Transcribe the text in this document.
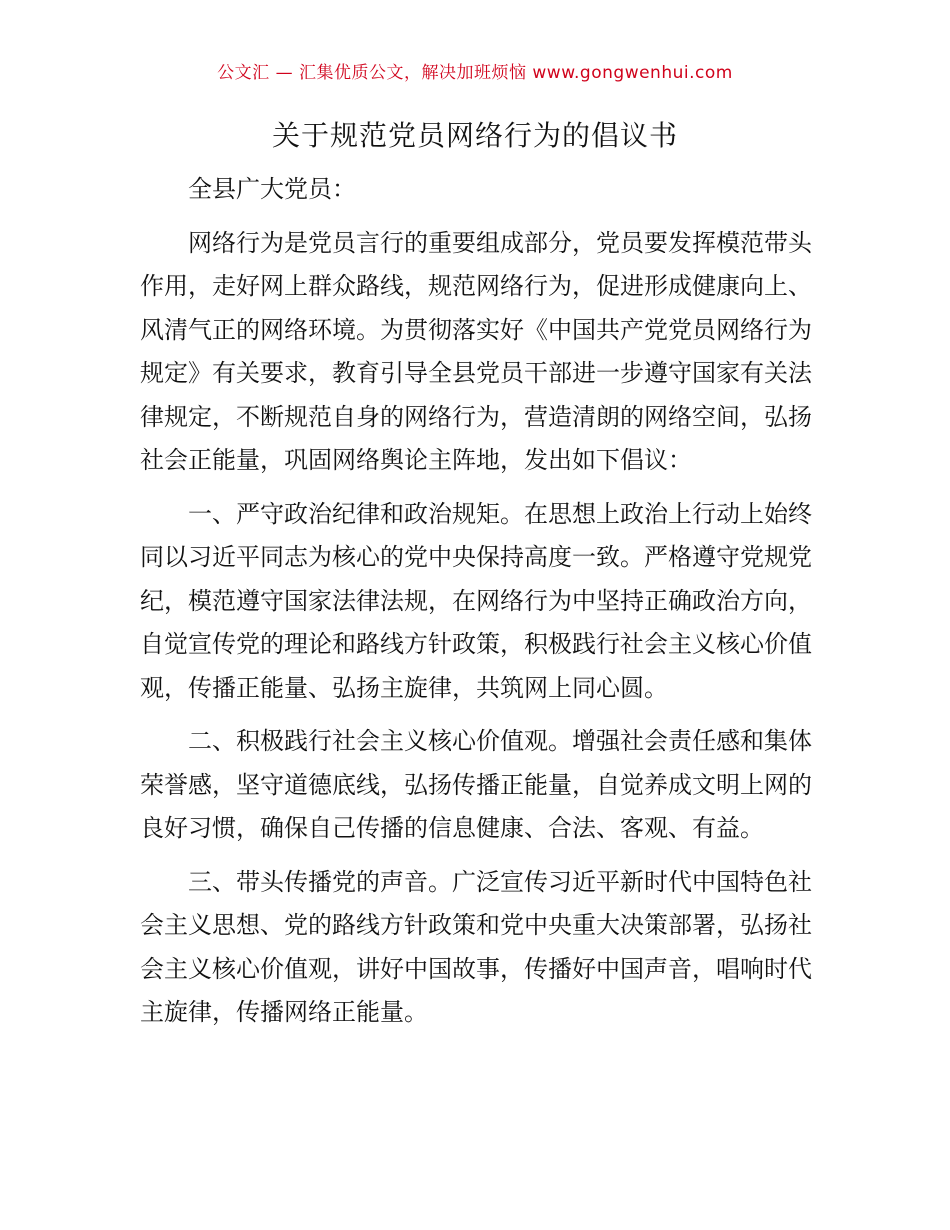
公文汇 — 汇集优质公文，解决加班烦恼 www.gongwenhui.com
关于规范党员网络行为的倡议书

全县广大党员：

网络行为是党员言行的重要组成部分，党员要发挥模范带头作用，走好网上群众路线，规范网络行为，促进形成健康向上、风清气正的网络环境。为贯彻落实好《中国共产党党员网络行为规定》有关要求，教育引导全县党员干部进一步遵守国家有关法律规定，不断规范自身的网络行为，营造清朗的网络空间，弘扬社会正能量，巩固网络舆论主阵地，发出如下倡议：

一、严守政治纪律和政治规矩。在思想上政治上行动上始终同以习近平同志为核心的党中央保持高度一致。严格遵守党规党纪，模范遵守国家法律法规，在网络行为中坚持正确政治方向，自觉宣传党的理论和路线方针政策，积极践行社会主义核心价值观，传播正能量、弘扬主旋律，共筑网上同心圆。

二、积极践行社会主义核心价值观。增强社会责任感和集体荣誉感，坚守道德底线，弘扬传播正能量，自觉养成文明上网的良好习惯，确保自己传播的信息健康、合法、客观、有益。

三、带头传播党的声音。广泛宣传习近平新时代中国特色社会主义思想、党的路线方针政策和党中央重大决策部署，弘扬社会主义核心价值观，讲好中国故事，传播好中国声音，唱响时代主旋律，传播网络正能量。
